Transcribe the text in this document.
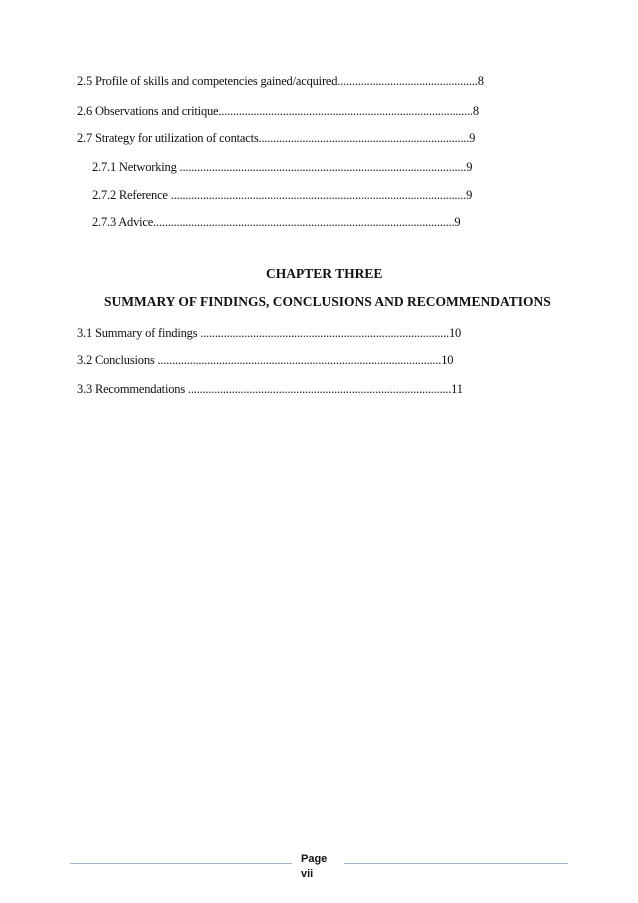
2.5 Profile of skills and competencies gained/acquired................................................8
2.6 Observations and critique.......................................................................................8
2.7 Strategy for utilization of contacts........................................................................9
2.7.1 Networking ..................................................................................................9
2.7.2 Reference .....................................................................................................9
2.7.3 Advice.......................................................................................................9
CHAPTER THREE
SUMMARY OF FINDINGS, CONCLUSIONS AND RECOMMENDATIONS
3.1 Summary of findings .....................................................................................10
3.2 Conclusions .................................................................................................10
3.3 Recommendations ..........................................................................................11
Page
vii
